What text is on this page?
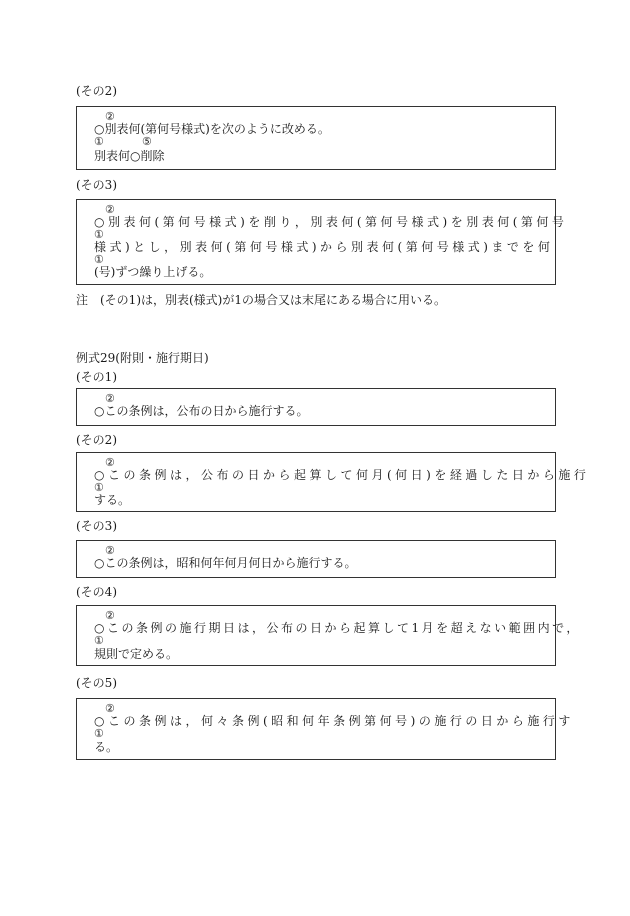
(その2)
②
○別表何(第何号様式)を次のように改める。
①	⑤
別表何○削除
(その3)
②
○別表何(第何号様式)を削り，別表何(第何号様式)を別表何(第何号
①
様式)とし，別表何(第何号様式)から別表何(第何号様式)までを何
①
(号)ずつ繰り上げる。
注　(その1)は，別表(様式)が1の場合又は末尾にある場合に用いる。
例式29(附則・施行期日)
(その1)
②
○この条例は，公布の日から施行する。
(その2)
②
○この条例は，公布の日から起算して何月(何日)を経過した日から施行
①
する。
(その3)
②
○この条例は，昭和何年何月何日から施行する。
(その4)
②
○この条例の施行期日は，公布の日から起算して1月を超えない範囲内で，
①
規則で定める。
(その5)
②
○この条例は，何々条例(昭和何年条例第何号)の施行の日から施行す
①
る。
